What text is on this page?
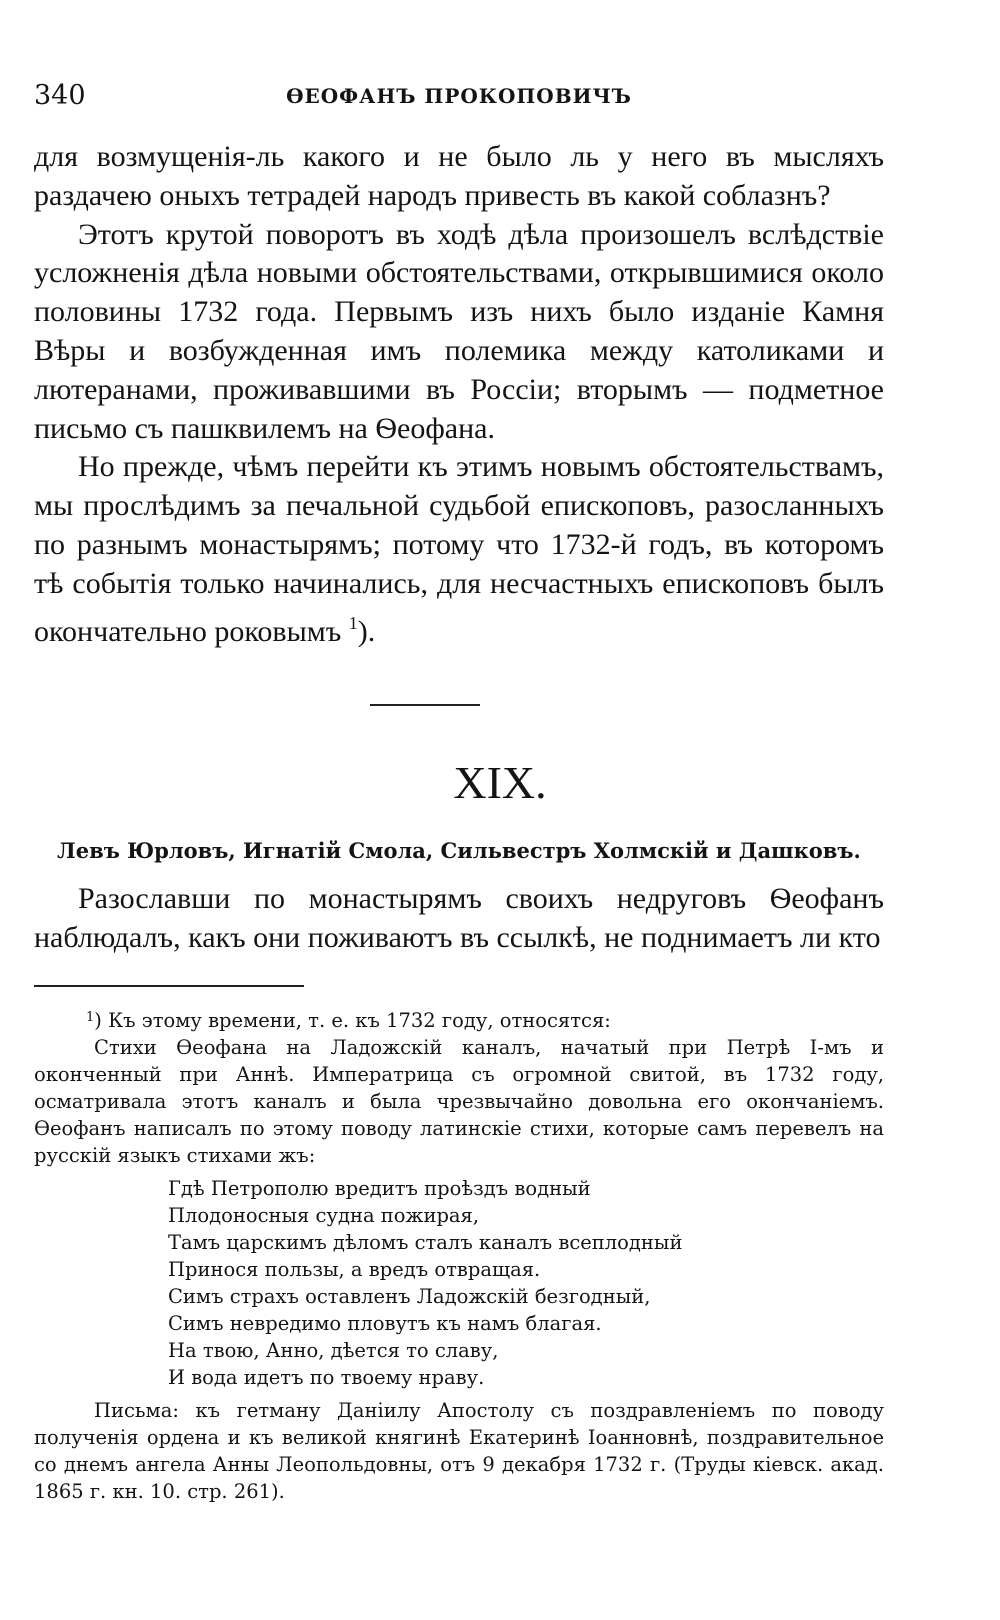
340	ѲЕОФАНЪ ПРОКОПОВИЧЪ

для возмущенія-ль какого и не было ль у него въ мысляхъ раздачею оныхъ тетрадей народъ привесть въ какой соблазнъ?

Этотъ крутой поворотъ въ ходѣ дѣла произошелъ вслѣдствіе усложненія дѣла новыми обстоятельствами, открывшимися около половины 1732 года. Первымъ изъ нихъ было изданіе Камня Вѣры и возбужденная имъ полемика между католиками и лютеранами, проживавшими въ Россіи; вторымъ — подметное письмо съ пашквилемъ на Ѳеофана.

Но прежде, чѣмъ перейти къ этимъ новымъ обстоятельствамъ, мы прослѣдимъ за печальной судьбой епископовъ, разосланныхъ по разнымъ монастырямъ; потому что 1732-й годъ, въ которомъ тѣ событія только начинались, для несчастныхъ епископовъ былъ окончательно роковымъ $^1$).

XIX.
Левъ Юрловъ, Игнатій Смола, Сильвестръ Холмскій и Дашковъ.

Разославши по монастырямъ своихъ недруговъ Ѳеофанъ наблюдалъ, какъ они поживаютъ въ ссылкѣ, не поднимаетъ ли кто

$^1$) Къ этому времени, т. е. къ 1732 году, относятся:

Стихи Ѳеофана на Ладожскій каналъ, начатый при Петрѣ I-мъ и оконченный при Аннѣ. Императрица съ огромной свитой, въ 1732 году, осматривала этотъ каналъ и была чрезвычайно довольна его окончаніемъ. Ѳеофанъ написалъ по этому поводу латинскіе стихи, которые самъ перевелъ на русскій языкъ стихами жъ:

Гдѣ Петрополю вредитъ проѣздъ водный
Плодоносныя судна пожирая,
Тамъ царскимъ дѣломъ сталъ каналъ всеплодный
Принося пользы, а вредъ отвращая.
Симъ страхъ оставленъ Ладожскій безгодный,
Симъ невредимо пловутъ къ намъ благая.
На твою, Анно, дѣется то славу,
И вода идетъ по твоему нраву.

Письма: къ гетману Даніилу Апостолу съ поздравленіемъ по поводу полученія ордена и къ великой княгинѣ Екатеринѣ Іоанновнѣ, поздравительное со днемъ ангела Анны Леопольдовны, отъ 9 декабря 1732 г. (Труды кіевск. акад. 1865 г. кн. 10. стр. 261).
